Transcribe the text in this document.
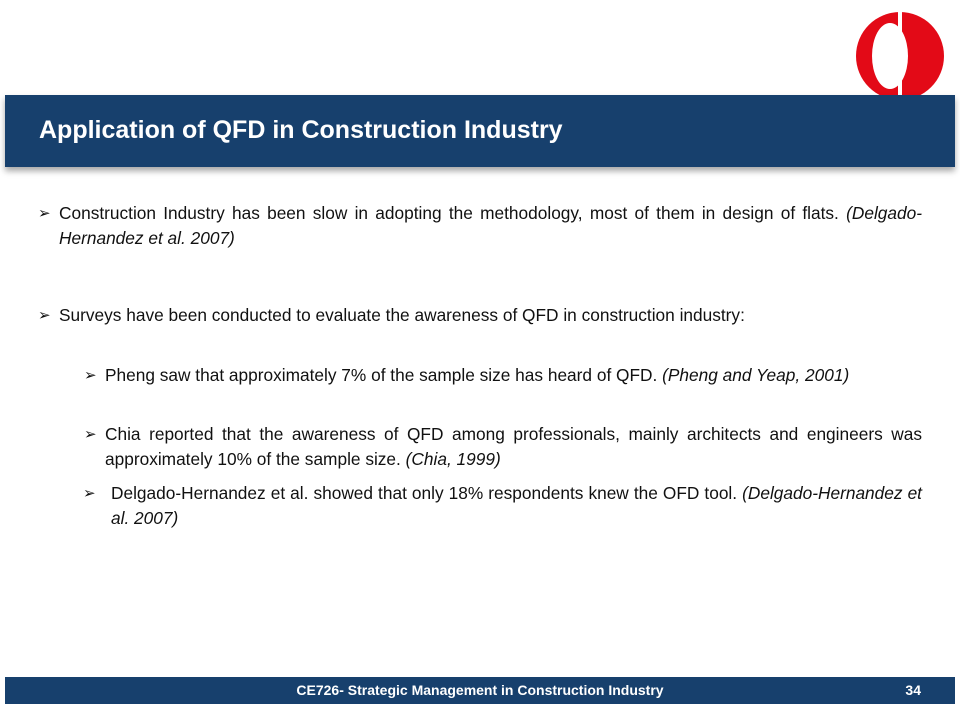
Application of QFD in Construction Industry
➢ Construction Industry has been slow in adopting the methodology, most of them in design of flats. (Delgado-Hernandez et al. 2007)
➢ Surveys have been conducted to evaluate the awareness of QFD in construction industry:
➢ Pheng saw that approximately 7% of the sample size has heard of QFD. (Pheng and Yeap, 2001)
➢ Chia reported that the awareness of QFD among professionals, mainly architects and engineers was approximately 10% of the sample size. (Chia, 1999)
➢ Delgado-Hernandez et al. showed that only 18% respondents knew the OFD tool. (Delgado-Hernandez et al. 2007)
CE726- Strategic Management in Construction Industry	34
